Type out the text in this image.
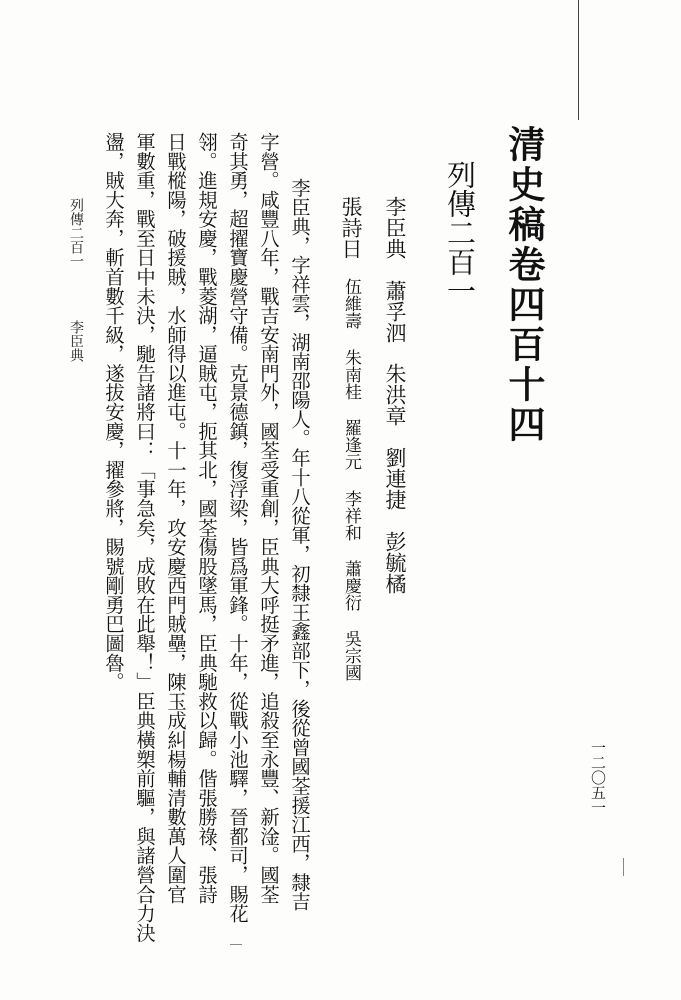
清史稿卷四百十四
列傳二百一
李臣典 蕭孚泗 朱洪章 劉連捷 彭毓橘
張詩日 伍維壽 朱南桂 羅逢元 李祥和 蕭慶衍 吳宗國
李臣典，字祥雲，湖南邵陽人。年十八從軍，初隸王鑫部下，後從曾國荃援江西，隸吉
字營。咸豐八年，戰吉安南門外，國荃受重創，臣典大呼挺矛進，追殺至永豐、新淦。國荃
奇其勇，超擢寶慶營守備。克景德鎮，復浮梁，皆爲軍鋒。十年，從戰小池驛，晉都司，賜花
翎。進規安慶，戰菱湖，逼賊屯，扼其北，國荃傷股墜馬，臣典馳救以歸。偕張勝祿、張詩
日戰樅陽，破援賊，水師得以進屯。十一年，攻安慶西門賊壘，陳玉成糾楊輔清數萬人圍官
軍數重，戰至日中未決，馳告諸將曰：「事急矣，成敗在此舉！」臣典橫槊前驅，與諸營合力決
盪，賊大奔，斬首數千級，遂拔安慶，擢參將，賜號剛勇巴圖魯。
列傳二百一
李臣典
一二〇五一
